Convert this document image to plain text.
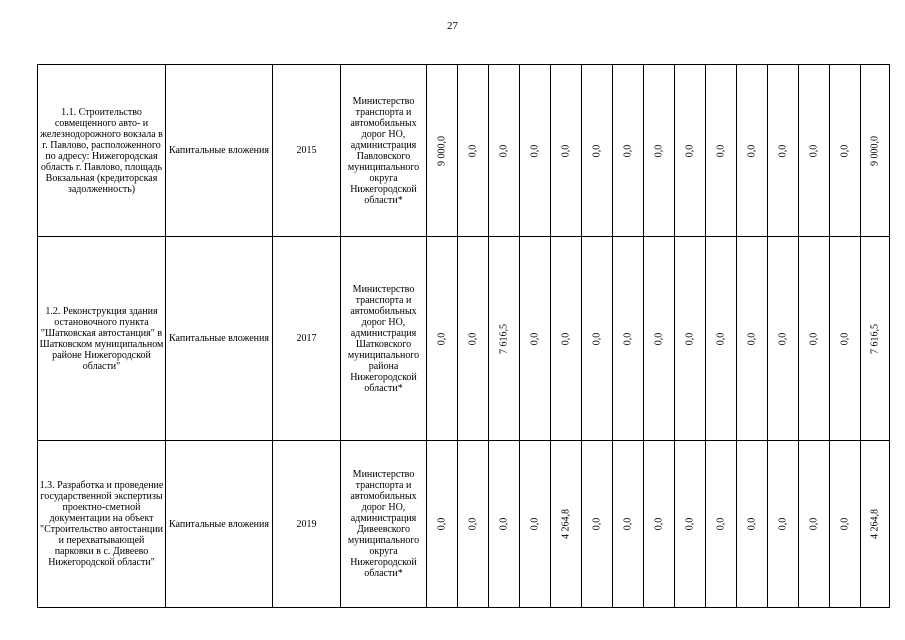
27
1.1. Строительство совмещенного авто- и железнодорожного вокзала в г. Павлово, расположенного по адресу: Нижегородская область г. Павлово, площадь Вокзальная (кредиторская задолженность)	Капитальные вложения	2015	Министерство транспорта и автомобильных дорог НО, администрация Павловского муниципального округа Нижегородской области*	9 000,0	0,0	0,0	0,0	0,0	0,0	0,0	0,0	0,0	0,0	0,0	0,0	0,0	0,0	9 000,0

1.2. Реконструкция здания остановочного пункта "Шатковская автостанция" в Шатковском муниципальном районе Нижегородской области"	Капитальные вложения	2017	Министерство транспорта и автомобильных дорог НО, администрация Шатковского муниципального района Нижегородской области*	0,0	0,0	7 616,5	0,0	0,0	0,0	0,0	0,0	0,0	0,0	0,0	0,0	0,0	0,0	7 616,5

1.3. Разработка и проведение государственной экспертизы проектно-сметной документации на объект "Строительство автостанции и перехватывающей парковки в с. Дивеево Нижегородской области"	Капитальные вложения	2019	Министерство транспорта и автомобильных дорог НО, администрация Дивеевского муниципального округа Нижегородской области*	0,0	0,0	0,0	0,0	4 264,8	0,0	0,0	0,0	0,0	0,0	0,0	0,0	0,0	0,0	4 264,8
